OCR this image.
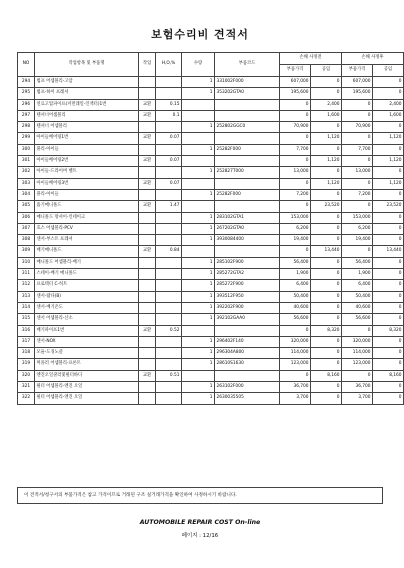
보험수리비 견적서
NO	작업항목 및 부품명	작업	H,O,%	수량	부품코드	손해 사정전		손해 사정후	
						부품가격	공임	부품가격	공임
294	범프 어셈블리-고암			1	331002F000	607,000	0	607,000	0
295	범프-하이 프레셔			1	353202GTA0	195,600	0	195,600	0
296	연료고압파이프(커먼레일-인젝터)1번	교환	0.15			0	2,400	0	2,400
297	텐셔너어셈블리	교환	0.1			0	1,600	0	1,600
298	텐셔너 어셈블리			1	252802GGC0	70,900	0	70,900	0
299	아이들베어링1번	교환	0.07			0	1,120	0	1,120
300	풀리-아이들			1	25282F000	7,700	0	7,700	0
301	아이들베어링2번	교환	0.07			0	1,120	0	1,120
302	아이들-드라이버 벨트			1	252827T000	13,000	0	13,000	0
303	아이들베어링3번	교환	0.07			0	1,120	0	1,120
304	풀리-아이들			1	25282F000	7,200	0	7,200	0
305	흡기매니폴드	교환	1.47			0	23,520	0	23,520
306	매니폴드 망셔이-인테이크			1	283102GTA1	153,000	0	153,000	0
307	호스 어셈블리-PCV			1	267202GTA0	6,200	0	6,200	0
308	센서-부스트 프레셔			1	3930084400	19,400	0	19,400	0
309	배기매니폴드	교환	0.84			0	13,440	0	13,440
310	매니폴드 어셈블리-배기			1	285102F900	56,400	0	56,400	0
311	스테이-배기 매니폴드			1	285272GTA2	1,900	0	1,900	0
312	프로텍터 C-히트			1	285272F900	6,400	0	6,400	0
313	센서-람다(B)			1	393512F950	50,400	0	50,400	0
314	센서-배기온도			1	392202F900	40,600	0	40,600	0
315	센서 어셈블리-산소			1	392102GAA0	56,600	0	56,600	0
316	배기파이프1번	교환	0.52			0	8,320	0	8,320
317	센서-NOX			1	296402F140	320,000	0	320,000	0
318	모듈-도징노즐			1	296304A800	114,000	0	114,000	0
319	머플러 어셈블리-프론트			1	28610S1630	123,000	0	123,000	0
320	엔진오일쿨러및필터바디	교환	0.51			0	8,160	0	8,160
321	필터 어셈블리-엔진 오일			1	263102F000	36,700	0	36,700	0
322	필터 어셈블리-엔진 오일			1	2630035505	3,700	0	3,700	0
이 견적서/청구서의 부품가격은 참고 가격이므로 거래된 구조 실거래가격을 확인하여 사정하시기 바랍니다.
AUTOMOBILE REPAIR COST On-line
페이지 : 12/16
